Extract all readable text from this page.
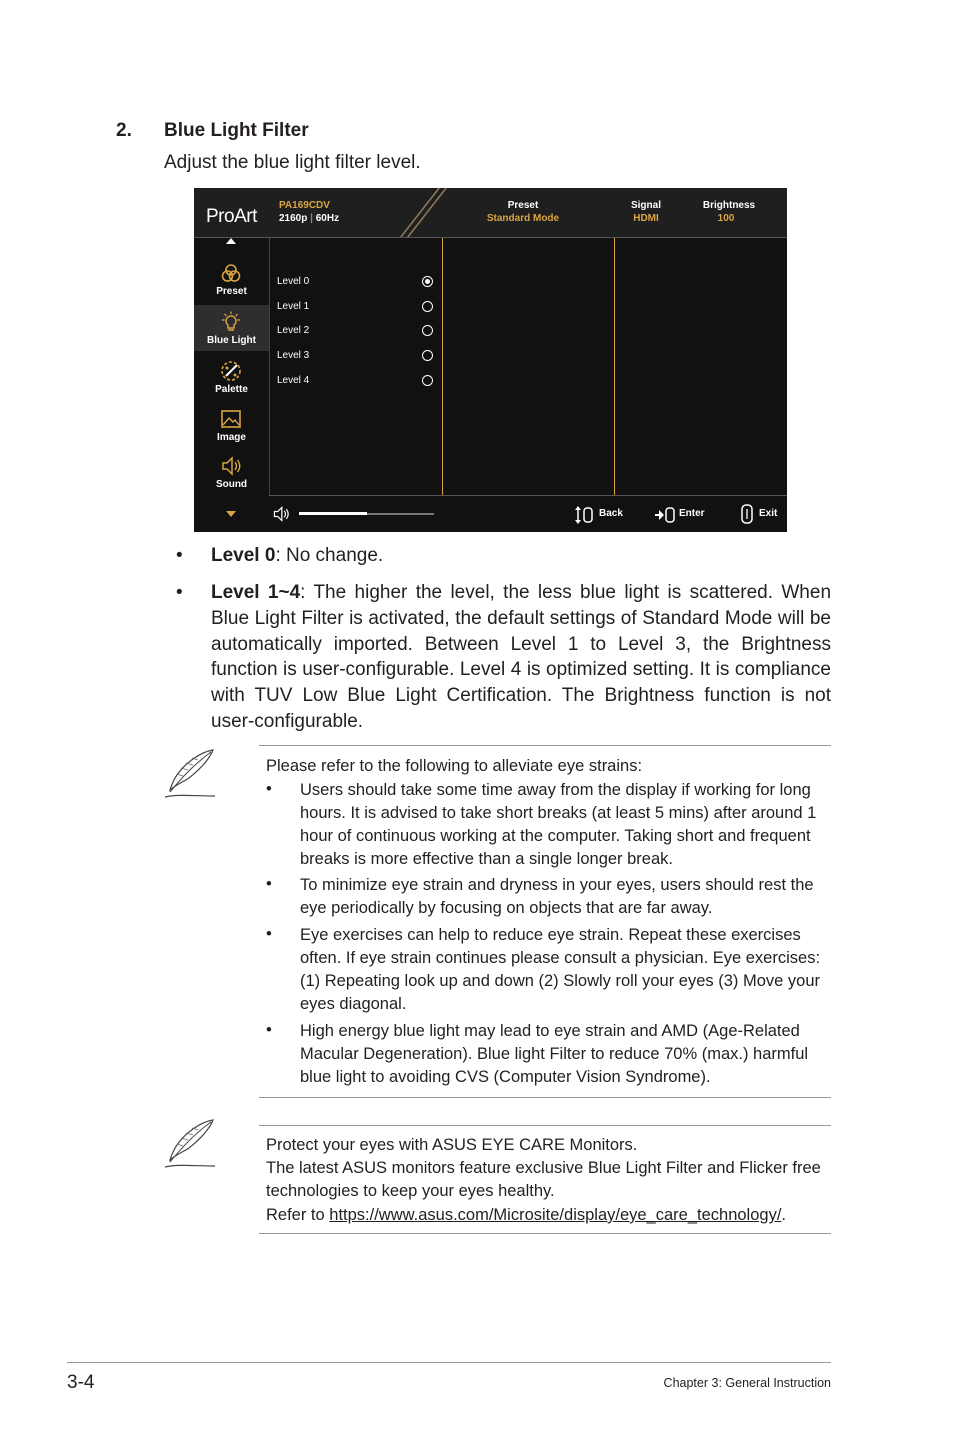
2. Blue Light Filter
Adjust the blue light filter level.
ProArt
PA169CDV
2160p | 60Hz
Preset
Standard Mode
Signal
HDMI
Brightness
100
Preset
Blue Light
Palette
Image
Sound
Level 0
Level 1
Level 2
Level 3
Level 4
Back	Enter	Exit
• Level 0: No change.
• Level 1~4: The higher the level, the less blue light is scattered. When Blue Light Filter is activated, the default settings of Standard Mode will be automatically imported. Between Level 1 to Level 3, the Brightness function is user-configurable. Level 4 is optimized setting. It is compliance with TUV Low Blue Light Certification. The Brightness function is not user-configurable.
Please refer to the following to alleviate eye strains:
• Users should take some time away from the display if working for long hours. It is advised to take short breaks (at least 5 mins) after around 1 hour of continuous working at the computer. Taking short and frequent breaks is more effective than a single longer break.
• To minimize eye strain and dryness in your eyes, users should rest the eye periodically by focusing on objects that are far away.
• Eye exercises can help to reduce eye strain. Repeat these exercises often. If eye strain continues please consult a physician. Eye exercises: (1) Repeating look up and down (2) Slowly roll your eyes (3) Move your eyes diagonal.
• High energy blue light may lead to eye strain and AMD (Age-Related Macular Degeneration). Blue light Filter to reduce 70% (max.) harmful blue light to avoiding CVS (Computer Vision Syndrome).
Protect your eyes with ASUS EYE CARE Monitors.
The latest ASUS monitors feature exclusive Blue Light Filter and Flicker free technologies to keep your eyes healthy.
Refer to https://www.asus.com/Microsite/display/eye_care_technology/.
3-4	Chapter 3: General Instruction
